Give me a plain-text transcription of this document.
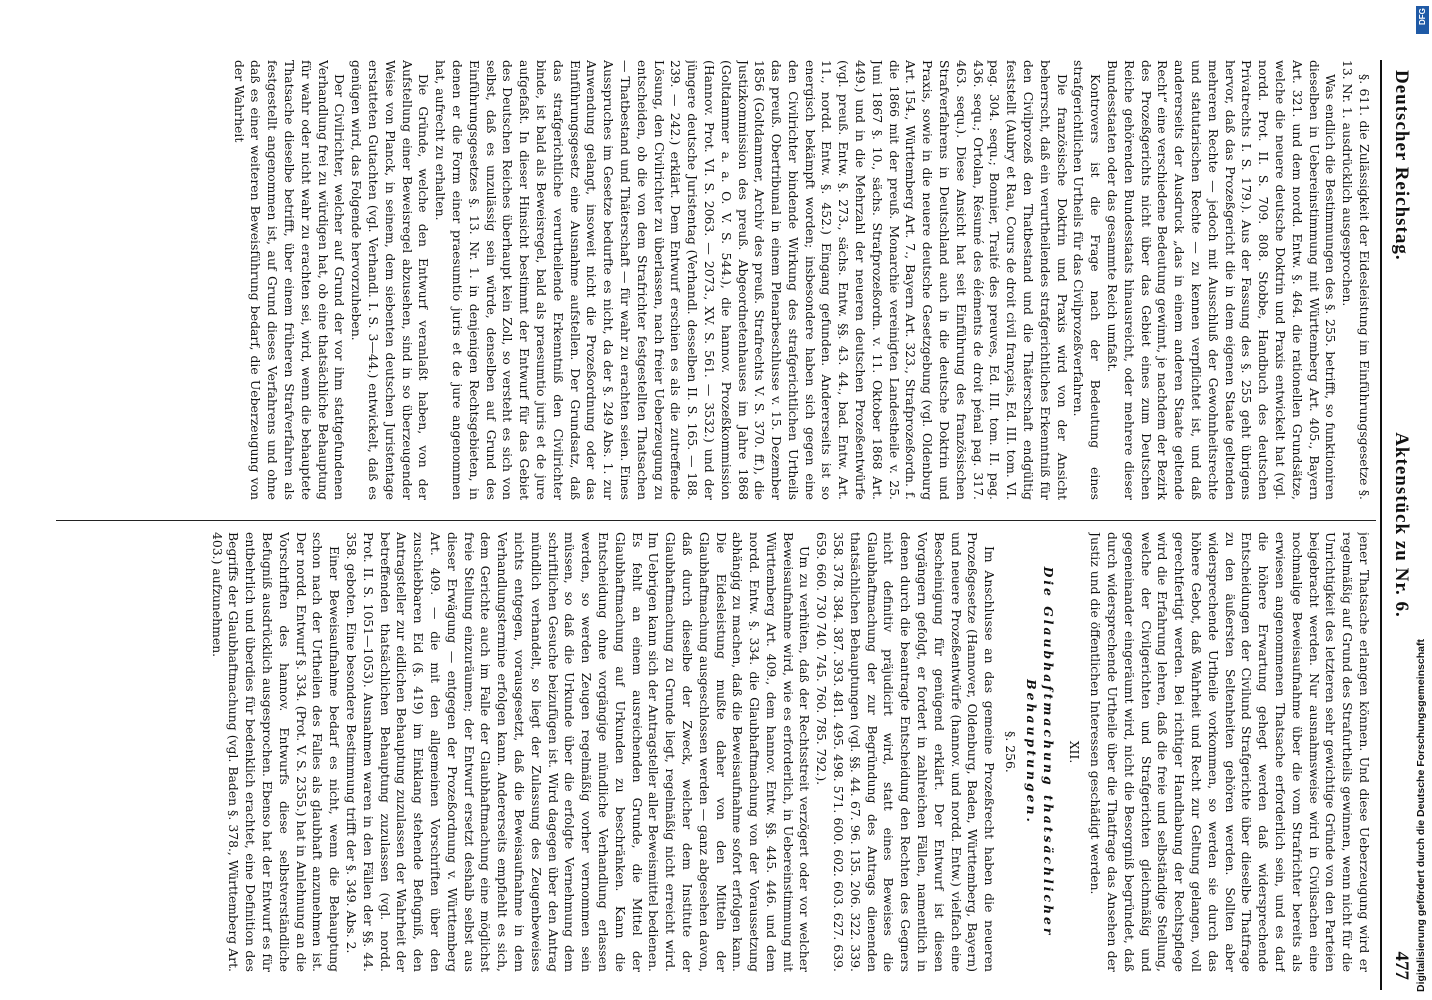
Deutscher Reichstag.
Aktenstück zu Nr. 6.
477

§. 611. die Zulässigkeit der Eidesleistung im Einführungsgesetze §. 13. Nr. 1. ausdrücklich ausgesprochen.

Was endlich die Bestimmungen des §. 255. betrifft, so funktioniren dieselben in Uebereinstimmung mit Württemberg Art. 405., Bayern Art. 321. und dem nordd. Entw. §. 464. die rationellen Grundsätze, welche die neuere deutsche Doktrin und Praxis entwickelt hat (vgl. nordd. Prot. II. S. 709. 808. Stobbe, Handbuch des deutschen Privatrechts I. S. 179.). Aus der Fassung des §. 255 geht übrigens hervor, daß das Prozeßgericht die in dem eigenen Staate geltenden mehreren Rechte — jedoch mit Ausschluß der Gewohnheitsrechte und statutarischen Rechte — zu kennen verpflichtet ist, und daß andererseits der Ausdruck „das in einem anderen Staate geltende Recht“ eine verschiedene Bedeutung gewinnt, je nachdem der Bezirk des Prozeßgerichts nicht über das Gebiet eines zum Deutschen Reiche gehörenden Bundesstaats hinausreicht, oder mehrere dieser Bundesstaaten oder das gesammte Reich umfaßt.

Kontrovers ist die Frage nach der Bedeutung eines strafgerichtlichen Urtheils für das Civilprozeßverfahren.

Die französische Doktrin und Praxis wird von der Ansicht beherrscht, daß ein verurtheilendes strafgerichtliches Erkenntniß für den Civilprozeß den Thatbestand und die Thäterschaft endgültig feststellt (Aubry et Rau, Cours de droit civil français, Ed. III. tom. VI. pag. 304. sequ.; Bonnier, Traité des preuves, Ed. III. tom. II. pag. 436. sequ.; Ortolan, Résumé des éléments de droit pénal pag. 317. 463. sequ.). Diese Ansicht hat seit Einführung des französischen Strafverfahrens in Deutschland auch in die deutsche Doktrin und Praxis, sowie in die neuere deutsche Gesetzgebung (vgl. Oldenburg Art. 154., Württemberg Art. 7., Bayern Art. 323., Strafprozeßordn. f. die 1866 mit der preuß. Monarchie vereinigten Landestheile v. 25. Juni 1867 §. 10., sächs. Strafprozeßordn. v. 11. Oktober 1868 Art. 449.) und in die Mehrzahl der neueren deutschen Prozeßentwürfe (vgl. preuß. Entw. §. 273., sächs. Entw. §§. 43. 44., bad. Entw. Art. 11., nordd. Entw. §. 452.) Eingang gefunden. Andererseits ist so energisch bekämpft worden; insbesondere haben sich gegen eine den Civilrichter bindende Wirkung des strafgerichtlichen Urtheils das preuß. Obertribunal in einem Plenarbeschlusse v. 15. Dezember 1856 (Goltdammer, Archiv des preuß. Strafrechts V. S. 370. ff.), die Justizkommission des preuß. Abgeordnetenhauses im Jahre 1868 (Goltdammer a. a. O. V. S. 544.), die hannov. Prozeßkommission (Hannov. Prot. VI. S. 2063. — 2073., XV. S. 561. — 3532.) und der jüngere deutsche Juristentag (Verhandl. desselben II. S. 165. — 188. 239. — 242.) erklärt. Dem Entwurf erschien es als die zutreffende Lösung, den Civilrichter zu überlassen, nach freier Ueberzeugung zu entscheiden, ob die von dem Strafrichter festgestellten Thatsachen — Thatbestand und Thäterschaft — für wahr zu erachten seien. Eines Ausspruches im Gesetze bedurfte es nicht, da der §. 249 Abs. 1. zur Anwendung gelangt, insoweit nicht die Prozeßordnung oder das Einführungsgesetz eine Ausnahme aufstellen. Der Grundsatz, daß das strafgerichtliche verurtheilende Erkenntniß den Civilrichter binde, ist bald als Beweisregel, bald als praesumtio juris et de jure aufgefaßt. In dieser Hinsicht bestimmt der Entwurf für das Gebiet des Deutschen Reiches überhaupt kein Zoll, so versteht es sich von selbst, daß es unzulässig sein würde, denselben auf Grund des Einführungsgesetzes §. 13. Nr. 1. in denjenigen Rechtsgebieten, in denen er die Form einer praesumtio juris et de jure angenommen hat, aufrecht zu erhalten.

Die Gründe, welche den Entwurf veranlaßt haben, von der Aufstellung einer Beweisregel abzusehen, sind in so überzeugender Weise von Planck, in seinem, dem siebenten deutschen Juristentage erstatteten Gutachten (vgl. Verhandl. I. S. 3—44.) entwickelt, daß es genügen wird, das Folgende hervorzuheben.

Der Civilrichter, welcher auf Grund der vor ihm stattgefundenen Verhandlung frei zu würdigen hat, ob eine thatsächliche Behauptung für wahr oder nicht wahr zu erachten sei, wird, wenn die behauptete Thatsache dieselbe betrifft, über einem früheren Strafverfahren als festgestellt angenommen ist, auf Grund dieses Verfahrens und ohne daß es einer weiteren Beweisführung bedarf, die Ueberzeugung von der Wahrheit

jener Thatsache erlangen können. Und diese Ueberzeugung wird er regelmäßig auf Grund des Strafurtheils gewinnen, wenn nicht für die Unrichtigkeit des letzteren sehr gewichtige Gründe von den Parteien beigebracht werden. Nur ausnahmsweise wird in Civilsachen eine nochmalige Beweisaufnahme über die vom Strafrichter bereits als erwiesen angenommenen Thatsache erforderlich sein, und es darf die höhere Erwartung gehegt werden daß widersprechende Entscheidungen der Civilund Strafgerichte über dieselbe Thatfrage zu den äußersten Seltenheiten gehören werden. Sollten aber widersprechende Urtheile vorkommen, so werden sie durch das höhere Gebot, daß Wahrheit und Recht zur Geltung gelangen, voll gerechtfertigt werden. Bei richtiger Handhabung der Rechtspflege wird die Erfahrung lehren, daß die freie und selbständige Stellung, welche der Civilgerichten und Strafgerichten gleichmäßig und gegeneinander eingeräumt wird, nicht die Besorgniß begründet, daß durch widersprechende Urtheile über die Thatfrage das Ansehen der Justiz und die öffentlichen Interessen geschädigt werden.

XII.

Die Glaubhaftmachung thatsächlicher Behauptungen.

§. 256.

Im Anschlusse an das gemeine Prozeßrecht haben die neueren Prozeßgesetze (Hannover, Oldenburg, Baden, Württemberg, Bayern) und neuere Prozeßentwürfe (hannov. und nordd. Entw.) vielfach eine Bescheinigung für genügend erklärt. Der Entwurf ist diesen Vorgängern gefolgt, er fordert in zahlreichen Fällen, namentlich in denen durch die beantragte Entscheidung den Rechten des Gegners nicht definitiv präjudicirt wird, statt eines Beweises die Glaubhaftmachung der zur Begründung des Antrags dienenden thatsächlichen Behauptungen (vgl. §§. 44. 67. 96. 135. 206. 322. 339. 358. 378. 384. 387. 393. 481. 495. 498. 571. 600. 602. 603. 627. 639. 659. 660. 730 740. 745. 760. 785. 792.).

Um zu verhüten, daß der Rechtsstreit verzögert oder vor welcher Beweisaufnahme wird, wie es erforderlich, in Uebereinstimmung mit Württemberg Art. 409., dem hannov. Entw. §§. 445. 446. und dem nordd. Entw. §. 334. die Glaubhaftmachung von der Voraussetzung abhängig zu machen, daß die Beweisaufnahme sofort erfolgen kann. Die Eidesleistung mußte daher von den Mitteln der Glaubhaftmachung ausgeschlossen werden — ganz abgesehen davon, daß durch dieselbe der Zweck, welcher dem Institute der Glaubhaftmachung zu Grunde liegt, regelmäßig nicht erreicht wird. Im Uebrigen kann sich der Antragsteller aller Beweismittel bedienen. Es fehlt an einem ausreichenden Grunde, die Mittel der Glaubhaftmachung auf Urkunden zu beschränken. Kann die Entscheidung ohne vorgängige mündliche Verhandlung erlassen werden, so werden Zeugen regelmäßig vorher vernommen sein müssen, so daß die Urkunde über die erfolgte Vernehmung dem schriftlichen Gesuche beizufügen ist. Wird dagegen über den Antrag mündlich verhandelt, so liegt der Zulassung des Zeugenbeweises nichts entgegen, vorausgesetzt, daß die Beweisaufnahme in dem Verhandlungstermine erfolgen kann. Andererseits empfiehlt es sich, dem Gerichte auch im Falle der Glaubhaftmachung eine möglichst freie Stellung einzuräumen; der Entwurf ersetzt deshalb selbst aus dieser Erwägung — entgegen der Prozeßordnung v. Württemberg Art. 409. — die mit den allgemeinen Vorschriften über den zuschiebbaren Eid (§. 419) im Einklang stehende Befugniß, den Antragsteller zur eidlichen Behauptung zuzulassen der Wahrheit der betreffenden thatsächlichen Behauptung zuzulassen (vgl. nordd. Prot. II. S. 1051—1053). Ausnahmen waren in den Fällen der §§. 44. 358. geboten. Eine besondere Bestimmung trifft der §. 349. Abs. 2.

Einer Beweisaufnahme bedarf es nicht, wenn die Behauptung schon nach der Urtheilen des Falles als glaubhaft anzunehmen ist. Der nordd. Entwurf §. 334. (Prot. V. S. 2355.) hat in Anlehnung an die Vorschriften des hannov. Entwurfs diese selbstverständliche Befugniß ausdrücklich ausgesprochen. Ebenso hat der Entwurf es für entbehrlich und überdies für bedenklich erachtet, eine Definition des Begriffs der Glaubhaftmachung (vgl. Baden §. 378., Württemberg Art. 403.) aufzunehmen.

DFG
Digitalisierung gefördert durch die Deutsche Forschungsgemeinschaft
